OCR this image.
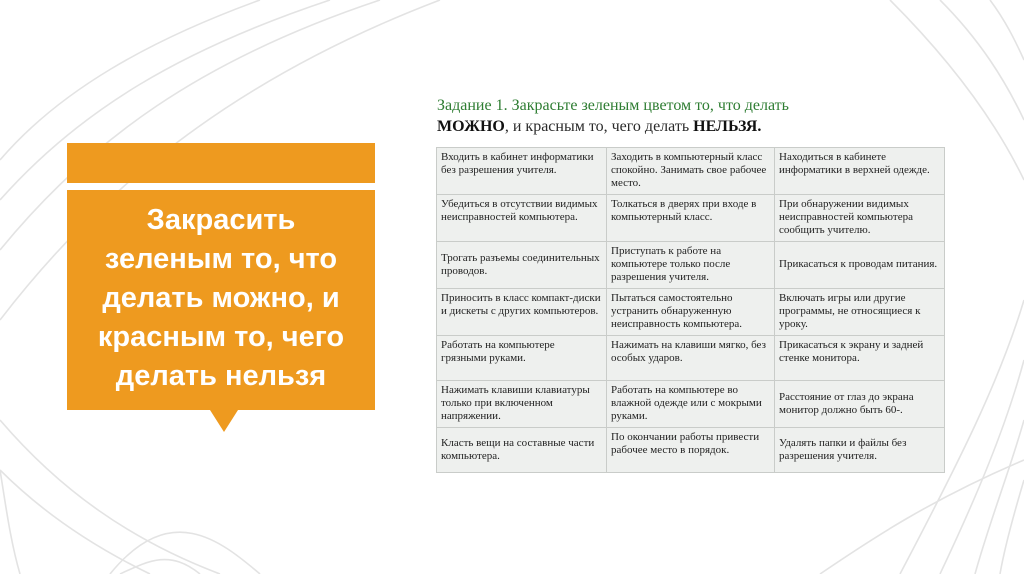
Закрасить
зеленым то, что
делать можно, и
красным то, чего
делать нельзя

Задание 1. Закрасьте зеленым цветом то, что делать
МОЖНО, и красным то, чего делать НЕЛЬЗЯ.

Входить в кабинет информатики без разрешения учителя.	Заходить в компьютерный класс спокойно. Занимать свое рабочее место.	Находиться в кабинете информатики в верхней одежде.
Убедиться в отсутствии видимых неисправностей компьютера.	Толкаться в дверях при входе в компьютерный класс.	При обнаружении видимых неисправностей компьютера сообщить учителю.
Трогать разъемы соединительных проводов.	Приступать к работе на компьютере только после разрешения учителя.	Прикасаться к проводам питания.
Приносить в класс компакт-диски и дискеты с других компьютеров.	Пытаться самостоятельно устранить обнаруженную неисправность компьютера.	Включать игры или другие программы, не относящиеся к уроку.
Работать на компьютере грязными руками.	Нажимать на клавиши мягко, без особых ударов.	Прикасаться к экрану и задней стенке монитора.
Нажимать клавиши клавиатуры только при включенном напряжении.	Работать на компьютере во влажной одежде или с мокрыми руками.	Расстояние от глаз до экрана монитор должно быть 60-.
Класть вещи на составные части компьютера.	По окончании работы привести рабочее место в порядок.	Удалять папки и файлы без разрешения учителя.
